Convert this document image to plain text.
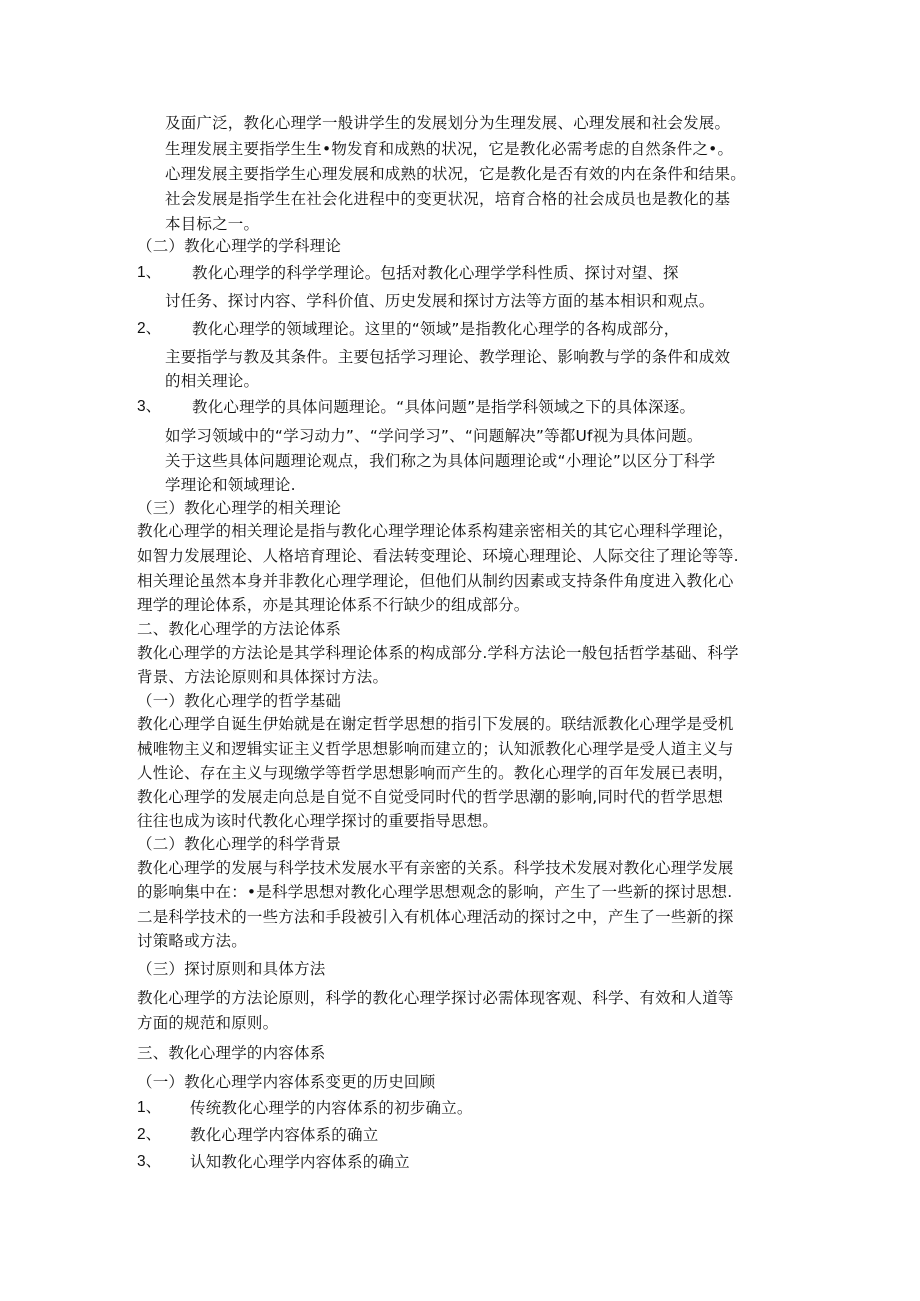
及面广泛，教化心理学一般讲学生的发展划分为生理发展、心理发展和社会发展。
生理发展主要指学生生•物发育和成熟的状况，它是教化必需考虑的自然条件之•。
心理发展主要指学生心理发展和成熟的状况，它是教化是否有效的内在条件和结果。
社会发展是指学生在社会化进程中的变更状况，培育合格的社会成员也是教化的基
本目标之一。
（二）教化心理学的学科理论
1、 教化心理学的科学学理论。包括对教化心理学学科性质、探讨对望、探
讨任务、探讨内容、学科价值、历史发展和探讨方法等方面的基本相识和观点。
2、 教化心理学的领域理论。这里的“领域”是指教化心理学的各构成部分，
主要指学与教及其条件。主要包括学习理论、教学理论、影响教与学的条件和成效
的相关理论。
3、 教化心理学的具体问题理论。“具体问题”是指学科领域之下的具体深逐。
如学习领域中的“学习动力”、“学问学习”、“问题解决”等都Uf视为具体问题。
关于这些具体问题理论观点，我们称之为具体问题理论或“小理论”以区分丁科学
学理论和领域理论.
（三）教化心理学的相关理论
教化心理学的相关理论是指与教化心理学理论体系构建亲密相关的其它心理科学理论，
如智力发展理论、人格培育理论、看法转变理论、环境心理理论、人际交往了理论等等.
相关理论虽然本身并非教化心理学理论，但他们从制约因素或支持条件角度进入教化心
理学的理论体系，亦是其理论体系不行缺少的组成部分。
二、教化心理学的方法论体系
教化心理学的方法论是其学科理论体系的构成部分.学科方法论一般包括哲学基础、科学
背景、方法论原则和具体探讨方法。
（一）教化心理学的哲学基础
教化心理学自诞生伊始就是在谢定哲学思想的指引下发展的。联结派教化心理学是受机
械唯物主义和逻辑实证主义哲学思想影响而建立的；认知派教化心理学是受人道主义与
人性论、存在主义与现缴学等哲学思想影响而产生的。教化心理学的百年发展已表明，
教化心理学的发展走向总是自觉不自觉受同时代的哲学思潮的影响,同时代的哲学思想
往往也成为该时代教化心理学探讨的重要指导思想。
（二）教化心理学的科学背景
教化心理学的发展与科学技术发展水平有亲密的关系。科学技术发展对教化心理学发展
的影响集中在：•是科学思想对教化心理学思想观念的影响，产生了一些新的探讨思想.
二是科学技术的一些方法和手段被引入有机体心理活动的探讨之中，产生了一些新的探
讨策略或方法。
（三）探讨原则和具体方法
教化心理学的方法论原则，科学的教化心理学探讨必需体现客观、科学、有效和人道等
方面的规范和原则。
三、教化心理学的内容体系
（一）教化心理学内容体系变更的历史回顾
1、 传统教化心理学的内容体系的初步确立。
2、 教化心理学内容体系的确立
3、 认知教化心理学内容体系的确立
